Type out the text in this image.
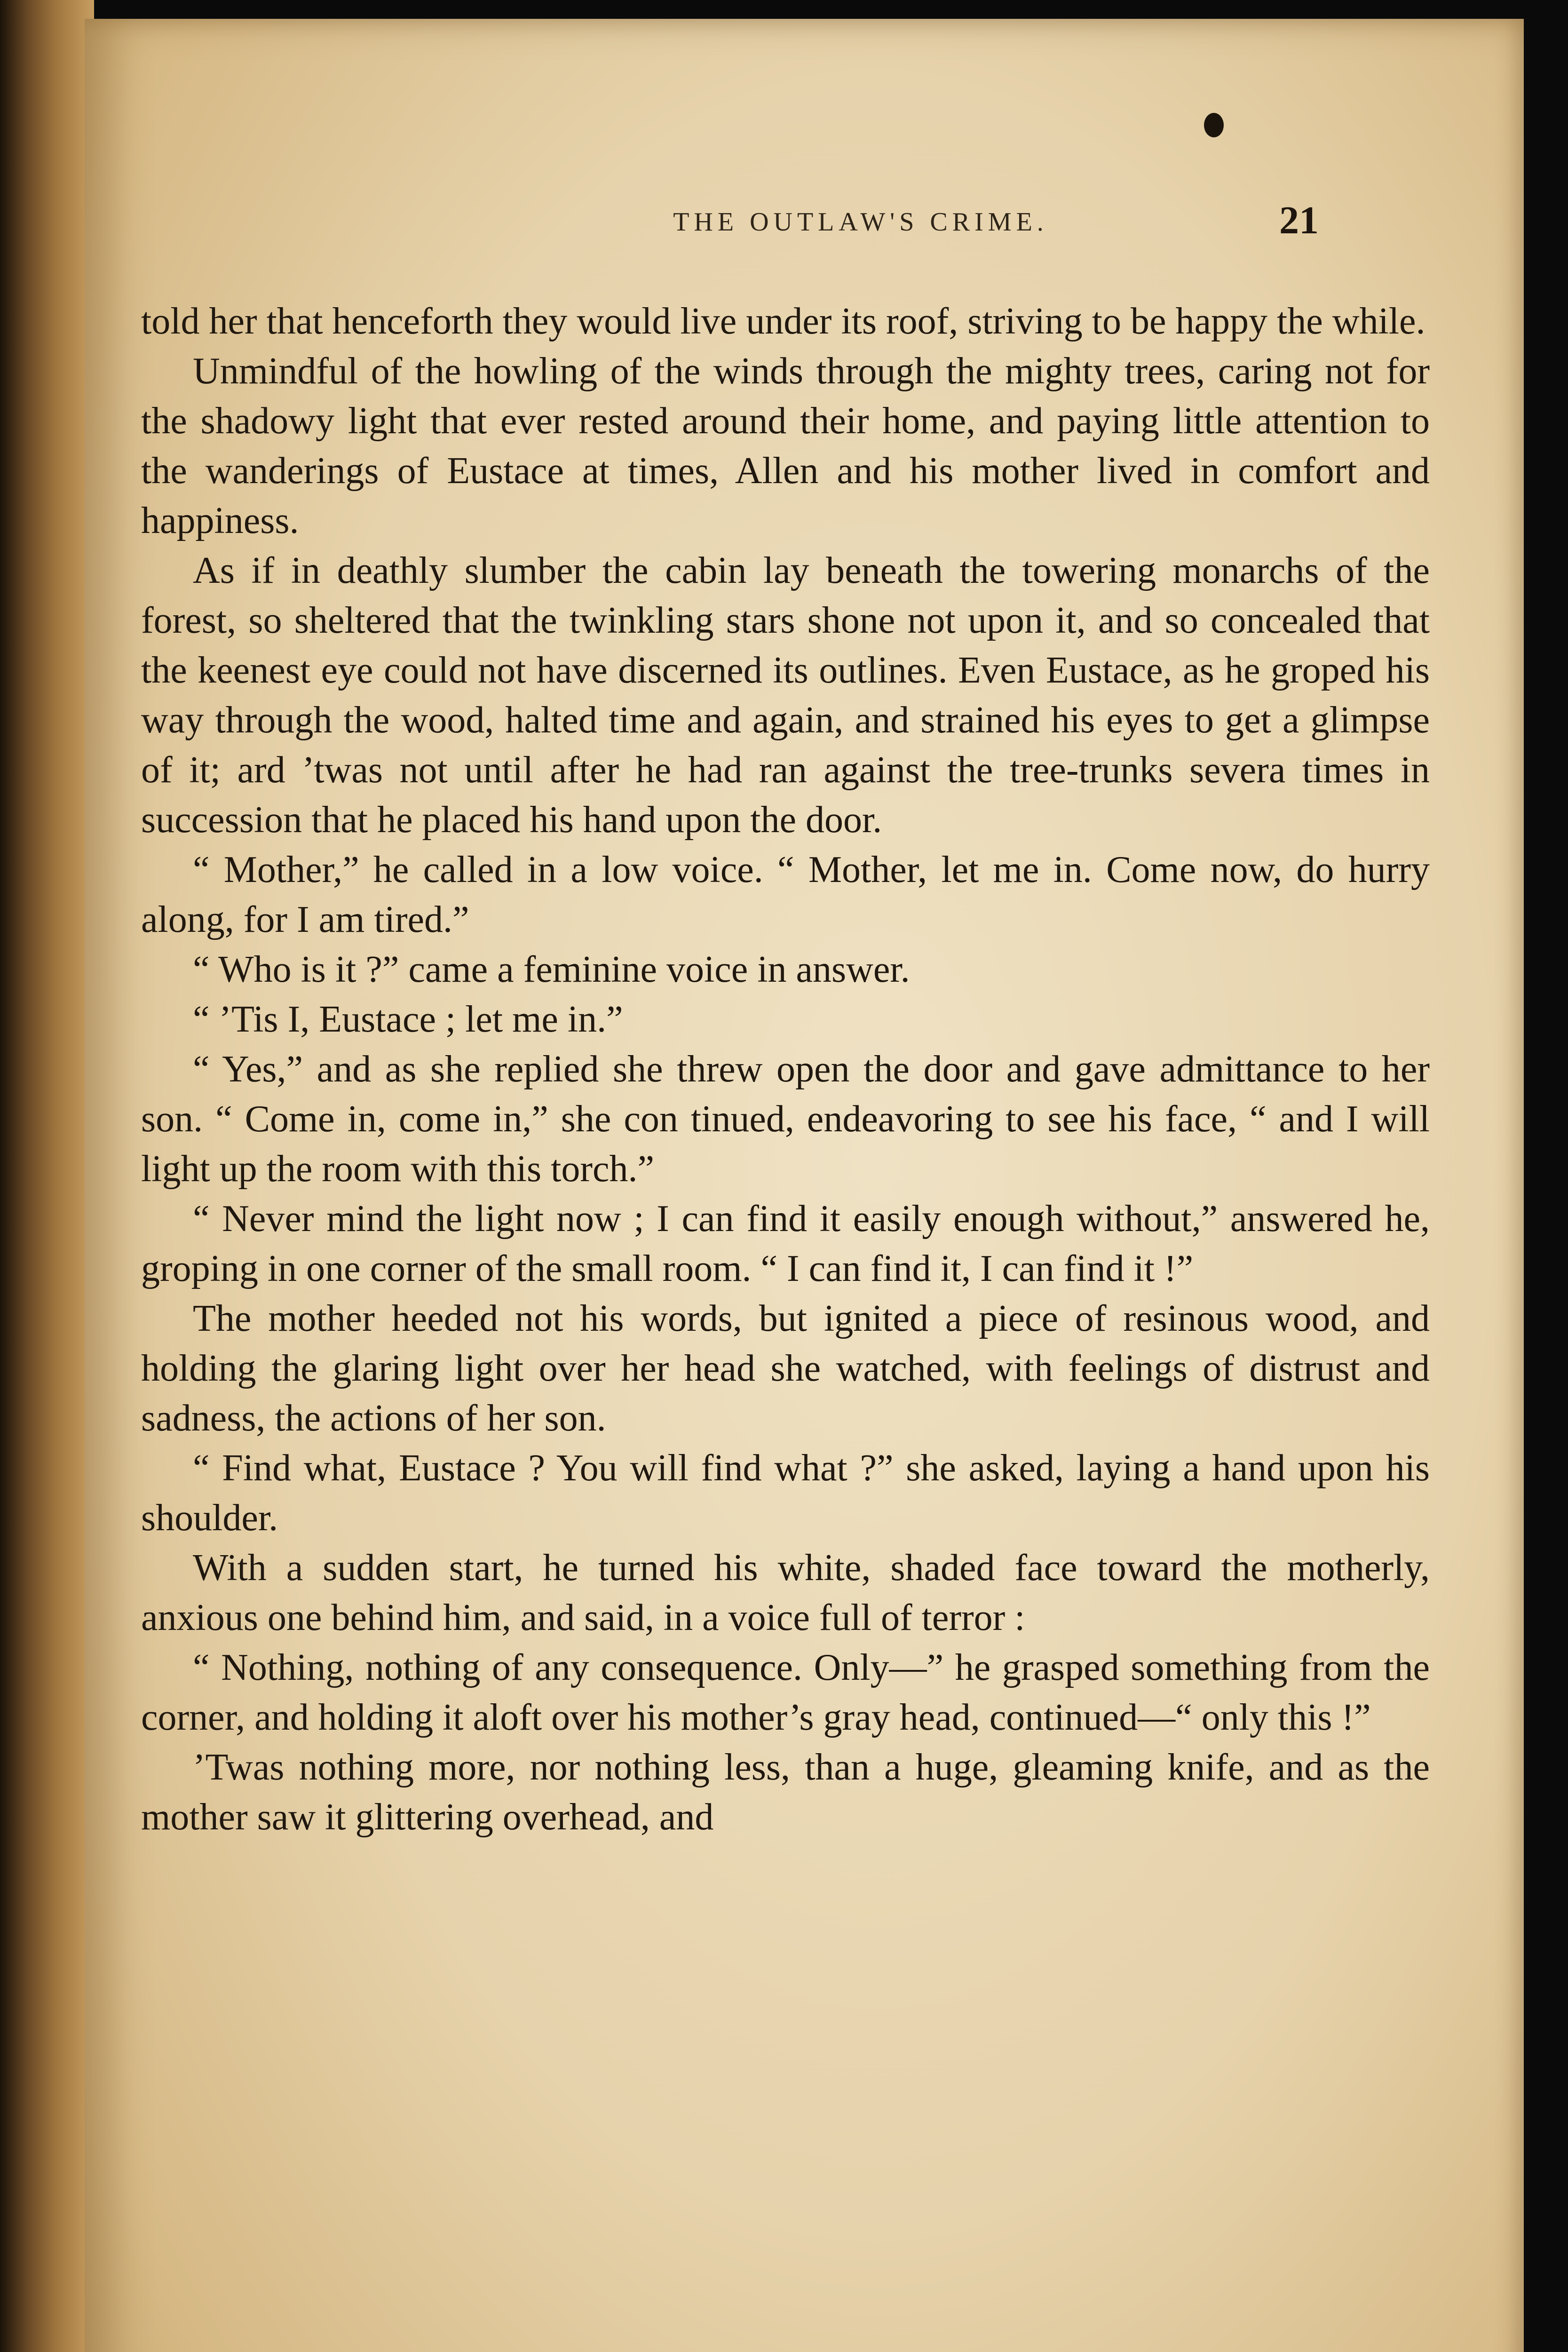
THE OUTLAW'S CRIME.	21

told her that henceforth they would live under its roof, striving to be happy the while.

Unmindful of the howling of the winds through the mighty trees, caring not for the shadowy light that ever rested around their home, and paying little attention to the wanderings of Eustace at times, Allen and his mother lived in comfort and happiness.

As if in deathly slumber the cabin lay beneath the towering monarchs of the forest, so sheltered that the twinkling stars shone not upon it, and so concealed that the keenest eye could not have discerned its outlines. Even Eustace, as he groped his way through the wood, halted time and again, and strained his eyes to get a glimpse of it; ard ’twas not until after he had ran against the tree-trunks severa times in succession that he placed his hand upon the door.

“ Mother,” he called in a low voice. “ Mother, let me in. Come now, do hurry along, for I am tired.”

“ Who is it ?” came a feminine voice in answer.

“ ’Tis I, Eustace ; let me in.”

“ Yes,” and as she replied she threw open the door and gave admittance to her son. “ Come in, come in,” she con tinued, endeavoring to see his face, “ and I will light up the room with this torch.”

“ Never mind the light now ; I can find it easily enough without,” answered he, groping in one corner of the small room. “ I can find it, I can find it !”

The mother heeded not his words, but ignited a piece of resinous wood, and holding the glaring light over her head she watched, with feelings of distrust and sadness, the actions of her son.

“ Find what, Eustace ? You will find what ?” she asked, laying a hand upon his shoulder.

With a sudden start, he turned his white, shaded face toward the motherly, anxious one behind him, and said, in a voice full of terror :

“ Nothing, nothing of any consequence. Only—” he grasped something from the corner, and holding it aloft over his mother’s gray head, continued—“ only this !”

’Twas nothing more, nor nothing less, than a huge, gleaming knife, and as the mother saw it glittering overhead, and
